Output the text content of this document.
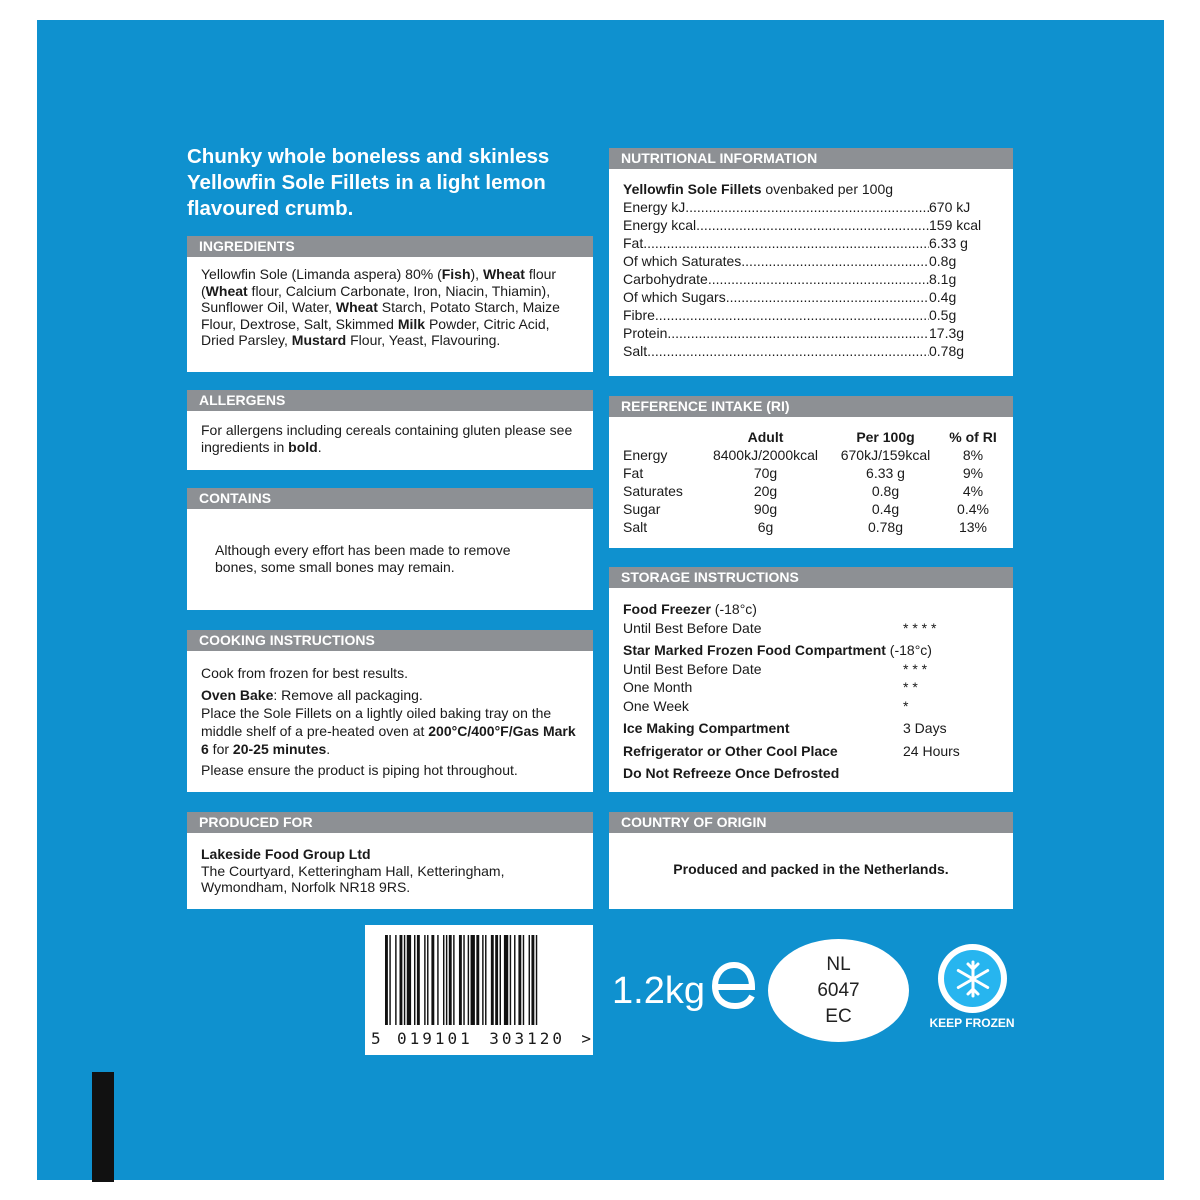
Chunky whole boneless and skinless
Yellowfin Sole Fillets in a light lemon
flavoured crumb.
INGREDIENTS
Yellowfin Sole (Limanda aspera) 80% (Fish), Wheat flour (Wheat flour, Calcium Carbonate, Iron, Niacin, Thiamin), Sunflower Oil, Water, Wheat Starch, Potato Starch, Maize Flour, Dextrose, Salt, Skimmed Milk Powder, Citric Acid, Dried Parsley, Mustard Flour, Yeast, Flavouring.
ALLERGENS
For allergens including cereals containing gluten please see ingredients in bold.
CONTAINS
Although every effort has been made to remove bones, some small bones may remain.
COOKING INSTRUCTIONS

Cook from frozen for best results.

Oven Bake: Remove all packaging.

Place the Sole Fillets on a lightly oiled baking tray on the middle shelf of a pre-heated oven at 200°C/400°F/Gas Mark 6 for 20-25 minutes.

Please ensure the product is piping hot throughout.

PRODUCED FOR

Lakeside Food Group Ltd

The Courtyard, Ketteringham Hall, Ketteringham, Wymondham, Norfolk NR18 9RS.

NUTRITIONAL INFORMATION

Yellowfin Sole Fillets ovenbaked per 100g

Energy kJ .....	670 kJ
Energy kcal .....	159 kcal
Fat .....	6.33 g
Of which Saturates .....	0.8g
Carbohydrate .....	8.1g
Of which Sugars .....	0.4g
Fibre .....	0.5g
Protein .....	17.3g
Salt .....	0.78g
REFERENCE INTAKE (RI)
	Adult	Per 100g	% of RI
Energy	8400kJ/2000kcal	670kJ/159kcal	8%
Fat	70g	6.33 g	9%
Saturates	20g	0.8g	4%
Sugar	90g	0.4g	0.4%
Salt	6g	0.78g	13%
STORAGE INSTRUCTIONS
Food Freezer (-18°c)
Until Best Before Date	* * * *
Star Marked Frozen Food Compartment (-18°c)
Until Best Before Date	* * *
One Month	* *
One Week	*
Ice Making Compartment	3 Days
Refrigerator or Other Cool Place	24 Hours
Do Not Refreeze Once Defrosted
COUNTRY OF ORIGIN
Produced and packed in the Netherlands.
5 019101 303120 >
1.2kg
NL
6047
EC	KEEP FROZEN
